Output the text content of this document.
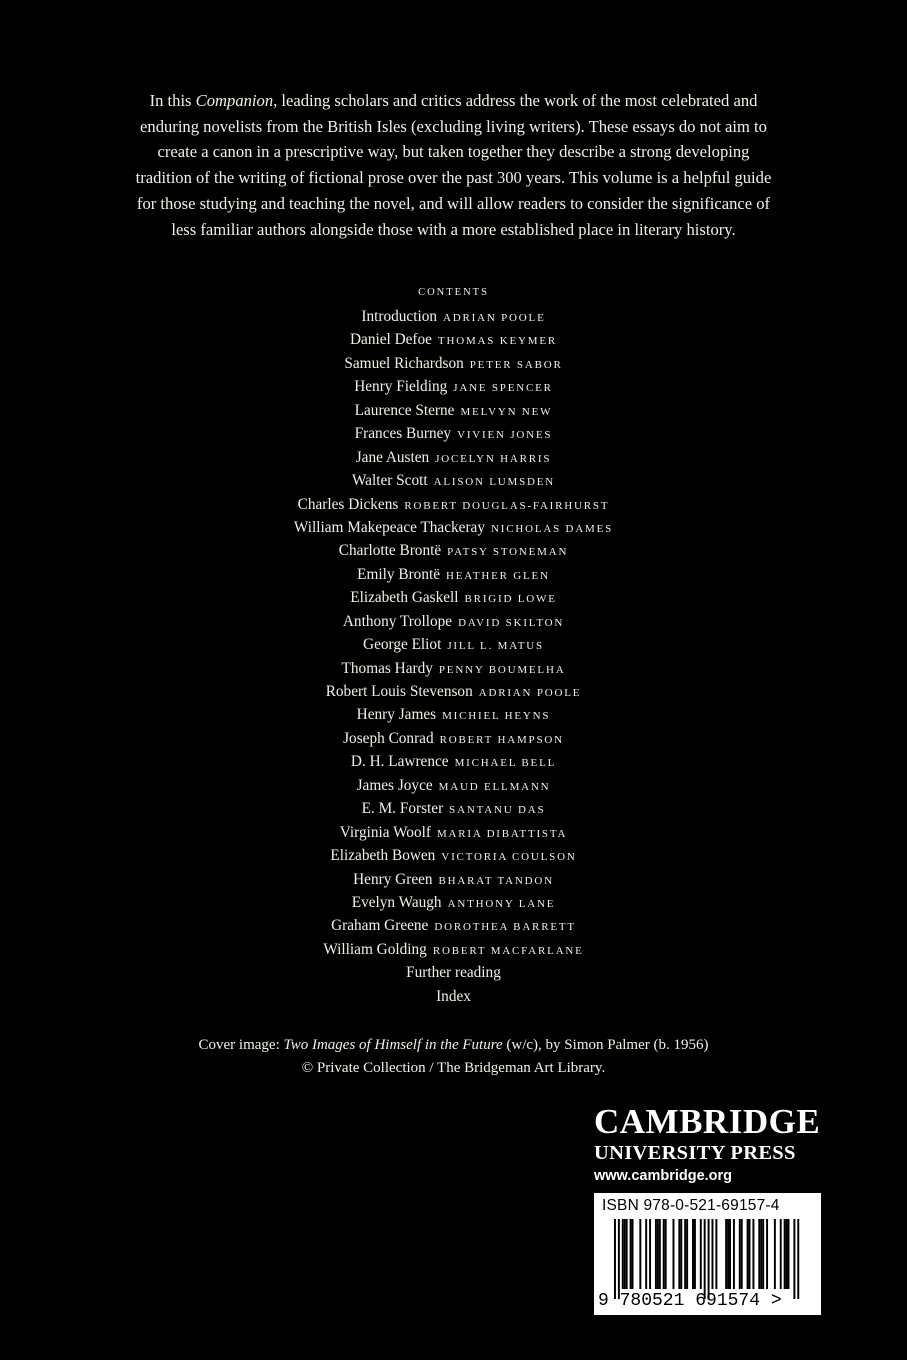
In this Companion, leading scholars and critics address the work of the most celebrated and enduring novelists from the British Isles (excluding living writers). These essays do not aim to create a canon in a prescriptive way, but taken together they describe a strong developing tradition of the writing of fictional prose over the past 300 years. This volume is a helpful guide for those studying and teaching the novel, and will allow readers to consider the significance of less familiar authors alongside those with a more established place in literary history.

CONTENTS

Introduction ADRIAN POOLE
Daniel Defoe THOMAS KEYMER
Samuel Richardson PETER SABOR
Henry Fielding JANE SPENCER
Laurence Sterne MELVYN NEW
Frances Burney VIVIEN JONES
Jane Austen JOCELYN HARRIS
Walter Scott ALISON LUMSDEN
Charles Dickens ROBERT DOUGLAS-FAIRHURST
William Makepeace Thackeray NICHOLAS DAMES
Charlotte Brontë PATSY STONEMAN
Emily Brontë HEATHER GLEN
Elizabeth Gaskell BRIGID LOWE
Anthony Trollope DAVID SKILTON
George Eliot JILL L. MATUS
Thomas Hardy PENNY BOUMELHA
Robert Louis Stevenson ADRIAN POOLE
Henry James MICHIEL HEYNS
Joseph Conrad ROBERT HAMPSON
D. H. Lawrence MICHAEL BELL
James Joyce MAUD ELLMANN
E. M. Forster SANTANU DAS
Virginia Woolf MARIA DIBATTISTA
Elizabeth Bowen VICTORIA COULSON
Henry Green BHARAT TANDON
Evelyn Waugh ANTHONY LANE
Graham Greene DOROTHEA BARRETT
William Golding ROBERT MACFARLANE
Further reading
Index
Cover image: Two Images of Himself in the Future (w/c), by Simon Palmer (b. 1956)
© Private Collection / The Bridgeman Art Library.
CAMBRIDGE
UNIVERSITY PRESS
www.cambridge.org
ISBN 978-0-521-69157-4
9 780521 691574 >
